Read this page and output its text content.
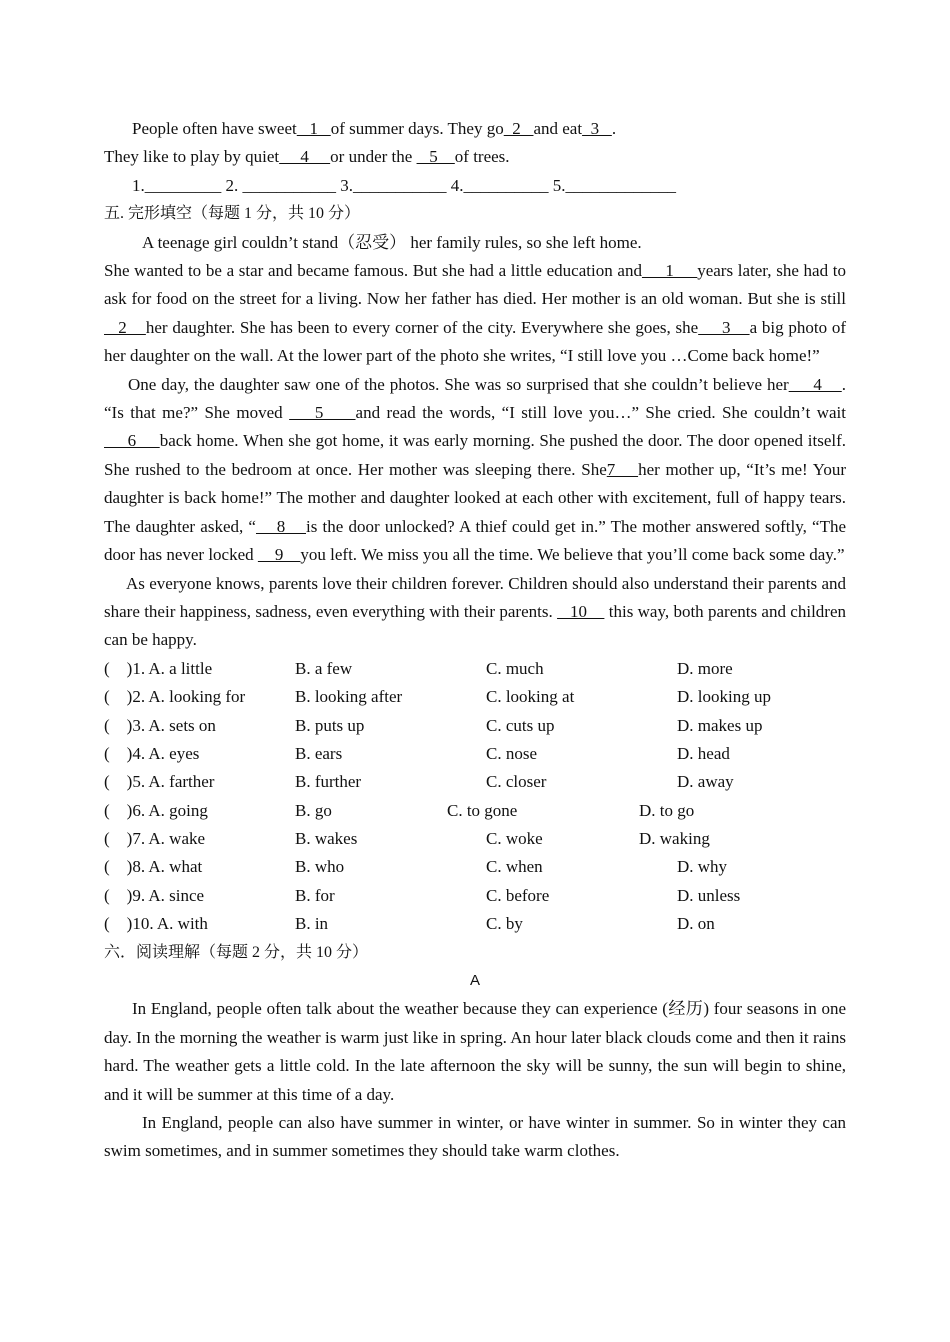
People often have sweet   1   of summer days. They go  2   and eat  3   .

They like to play by quiet     4     or under the    5    of trees.

1._________ 2. ___________ 3.___________ 4.__________ 5._____________

五. 完形填空（每题 1 分，共 10 分）

A teenage girl couldn’t stand（忍受） her family rules, so she left home.

She wanted to be a star and became famous. But she had a little education and     1     years later, she had to ask for food on the street for a living. Now her father has died. Her mother is an old woman. But she is still    2    her daughter. She has been to every corner of the city. Everywhere she goes, she     3    a big photo of her daughter on the wall. At the lower part of the photo she writes, “I still love you …Come back home!”

One day, the daughter saw one of the photos. She was so surprised that she couldn’t believe her     4    . “Is that me?” She moved     5     and read the words, “I still love you…” She cried. She couldn’t wait     6     back home. When she got home, it was early morning. She pushed the door. The door opened itself. She rushed to the bedroom at once. Her mother was sleeping there. She7    her mother up, “It’s me! Your daughter is back home!” The mother and daughter looked at each other with excitement, full of happy tears. The daughter asked, “    8    is the door unlocked? A thief could get in.” The mother answered softly, “The door has never locked     9    you left. We miss you all the time. We believe that you’ll come back some day.”

As everyone knows, parents love their children forever. Children should also understand their parents and share their happiness, sadness, even everything with their parents.    10     this way, both parents and children can be happy.

(    )1. A. a little	B. a few	C. much	D. more
(    )2. A. looking for	B. looking after	C. looking at	D. looking up
(    )3. A. sets on	B. puts up	C. cuts up	D. makes up
(    )4. A. eyes	B. ears	C. nose	D. head
(    )5. A. farther	B. further	C. closer	D. away
(    )6. A. going	B. go	C. to gone	D. to go
(    )7. A. wake	B. wakes	C. woke	D. waking
(    )8. A. what	B. who	C. when	D. why
(    )9. A. since	B. for	C. before	D. unless
(    )10. A. with	B. in	C. by	D. on

六．阅读理解（每题 2 分，共 10 分）

A

In England, people often talk about the weather because they can experience (经历) four seasons in one day. In the morning the weather is warm just like in spring. An hour later black clouds come and then it rains hard. The weather gets a little cold. In the late afternoon the sky will be sunny, the sun will begin to shine, and it will be summer at this time of a day.

In England, people can also have summer in winter, or have winter in summer. So in winter they can swim sometimes, and in summer sometimes they should take warm clothes.
